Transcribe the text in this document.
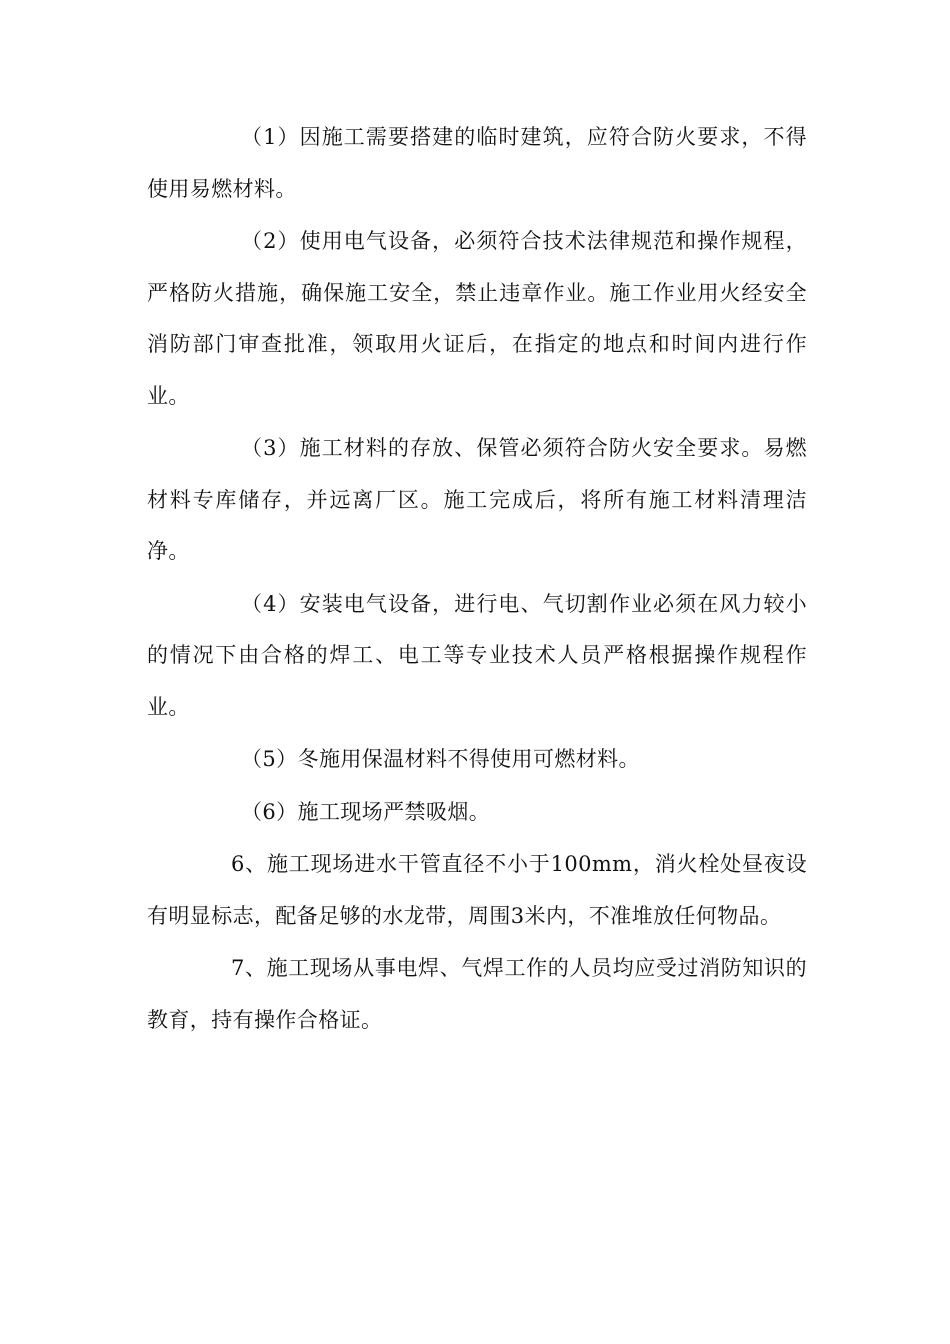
（1）因施工需要搭建的临时建筑，应符合防火要求，不得使用易燃材料。

（2）使用电气设备，必须符合技术法律规范和操作规程，严格防火措施，确保施工安全，禁止违章作业。施工作业用火经安全消防部门审查批准，领取用火证后，在指定的地点和时间内进行作业。

（3）施工材料的存放、保管必须符合防火安全要求。易燃材料专库储存，并远离厂区。施工完成后，将所有施工材料清理洁净。

（4）安装电气设备，进行电、气切割作业必须在风力较小的情况下由合格的焊工、电工等专业技术人员严格根据操作规程作业。

（5）冬施用保温材料不得使用可燃材料。

（6）施工现场严禁吸烟。

6、施工现场进水干管直径不小于100mm，消火栓处昼夜设有明显标志，配备足够的水龙带，周围3米内，不准堆放任何物品。

7、施工现场从事电焊、气焊工作的人员均应受过消防知识的教育，持有操作合格证。
